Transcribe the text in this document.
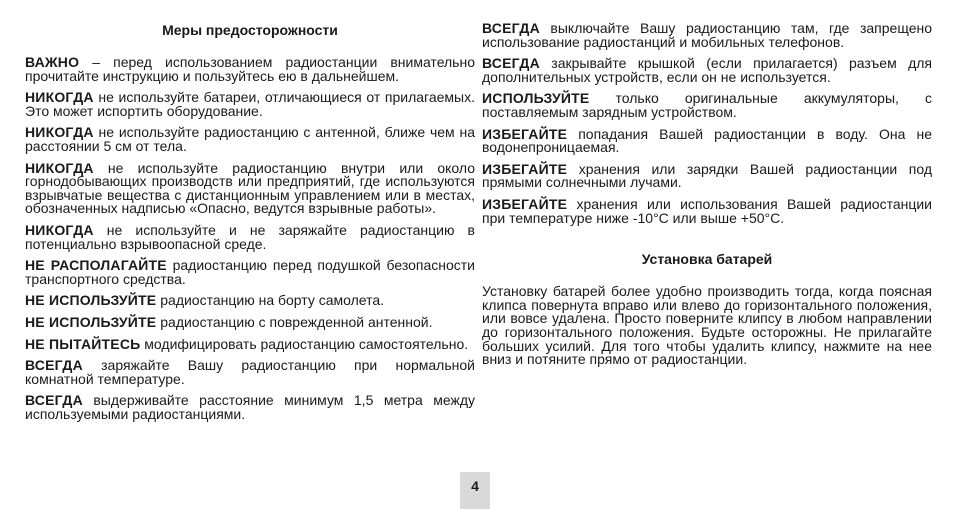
Меры предосторожности

ВАЖНО – перед использованием радиостанции внимательно прочитайте инструкцию и пользуйтесь ею в дальнейшем.

НИКОГДА не используйте батареи, отличающиеся от прилагаемых. Это может испортить оборудование.

НИКОГДА не используйте радиостанцию с антенной, ближе чем на расстоянии 5 см от тела.

НИКОГДА не используйте радиостанцию внутри или около горнодобывающих производств или предприятий, где используются взрывчатые вещества с дистанционным управлением или в местах, обозначенных надписью «Опасно, ведутся взрывные работы».

НИКОГДА не используйте и не заряжайте радиостанцию в потенциально взрывоопасной среде.

НЕ РАСПОЛАГАЙТЕ радиостанцию перед подушкой безопасности транспортного средства.

НЕ ИСПОЛЬЗУЙТЕ радиостанцию на борту самолета.

НЕ ИСПОЛЬЗУЙТЕ радиостанцию с поврежденной антенной.

НЕ ПЫТАЙТЕСЬ модифицировать радиостанцию самостоятельно.

ВСЕГДА заряжайте Вашу радиостанцию при нормальной комнатной температуре.

ВСЕГДА выдерживайте расстояние минимум 1,5 метра между используемыми радиостанциями.

ВСЕГДА выключайте Вашу радиостанцию там, где запрещено использование радиостанций и мобильных телефонов.

ВСЕГДА закрывайте крышкой (если прилагается) разъем для дополнительных устройств, если он не используется.

ИСПОЛЬЗУЙТЕ только оригинальные аккумуляторы, с поставляемым зарядным устройством.

ИЗБЕГАЙТЕ попадания Вашей радиостанции в воду. Она не водонепроницаемая.

ИЗБЕГАЙТЕ хранения или зарядки Вашей радиостанции под прямыми солнечными лучами.

ИЗБЕГАЙТЕ хранения или использования Вашей радиостанции при температуре ниже -10°C или выше +50°C.

Установка батарей

Установку батарей более удобно производить тогда, когда поясная клипса повернута вправо или влево до горизонтального положения, или вовсе удалена. Просто поверните клипсу в любом направлении до горизонтального положения. Будьте осторожны. Не прилагайте больших усилий. Для того чтобы удалить клипсу, нажмите на нее вниз и потяните прямо от радиостанции.

4
